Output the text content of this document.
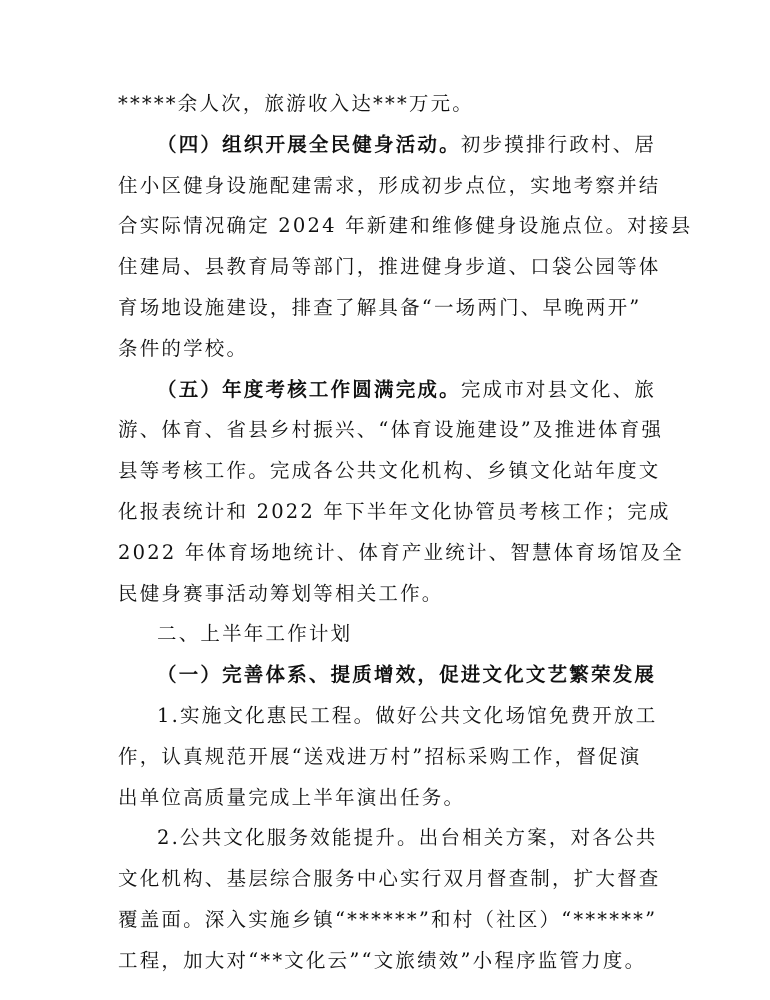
*****余人次，旅游收入达***万元。
（四）组织开展全民健身活动。初步摸排行政村、居
住小区健身设施配建需求，形成初步点位，实地考察并结
合实际情况确定 2024 年新建和维修健身设施点位。对接县
住建局、县教育局等部门，推进健身步道、口袋公园等体
育场地设施建设，排查了解具备“一场两门、早晚两开”
条件的学校。
（五）年度考核工作圆满完成。完成市对县文化、旅
游、体育、省县乡村振兴、“体育设施建设”及推进体育强
县等考核工作。完成各公共文化机构、乡镇文化站年度文
化报表统计和 2022 年下半年文化协管员考核工作；完成
2022 年体育场地统计、体育产业统计、智慧体育场馆及全
民健身赛事活动筹划等相关工作。
二、上半年工作计划
（一）完善体系、提质增效，促进文化文艺繁荣发展
1.实施文化惠民工程。做好公共文化场馆免费开放工
作，认真规范开展“送戏进万村”招标采购工作，督促演
出单位高质量完成上半年演出任务。
2.公共文化服务效能提升。出台相关方案，对各公共
文化机构、基层综合服务中心实行双月督查制，扩大督查
覆盖面。深入实施乡镇“******”和村（社区）“******”
工程，加大对“**文化云”“文旅绩效”小程序监管力度。
